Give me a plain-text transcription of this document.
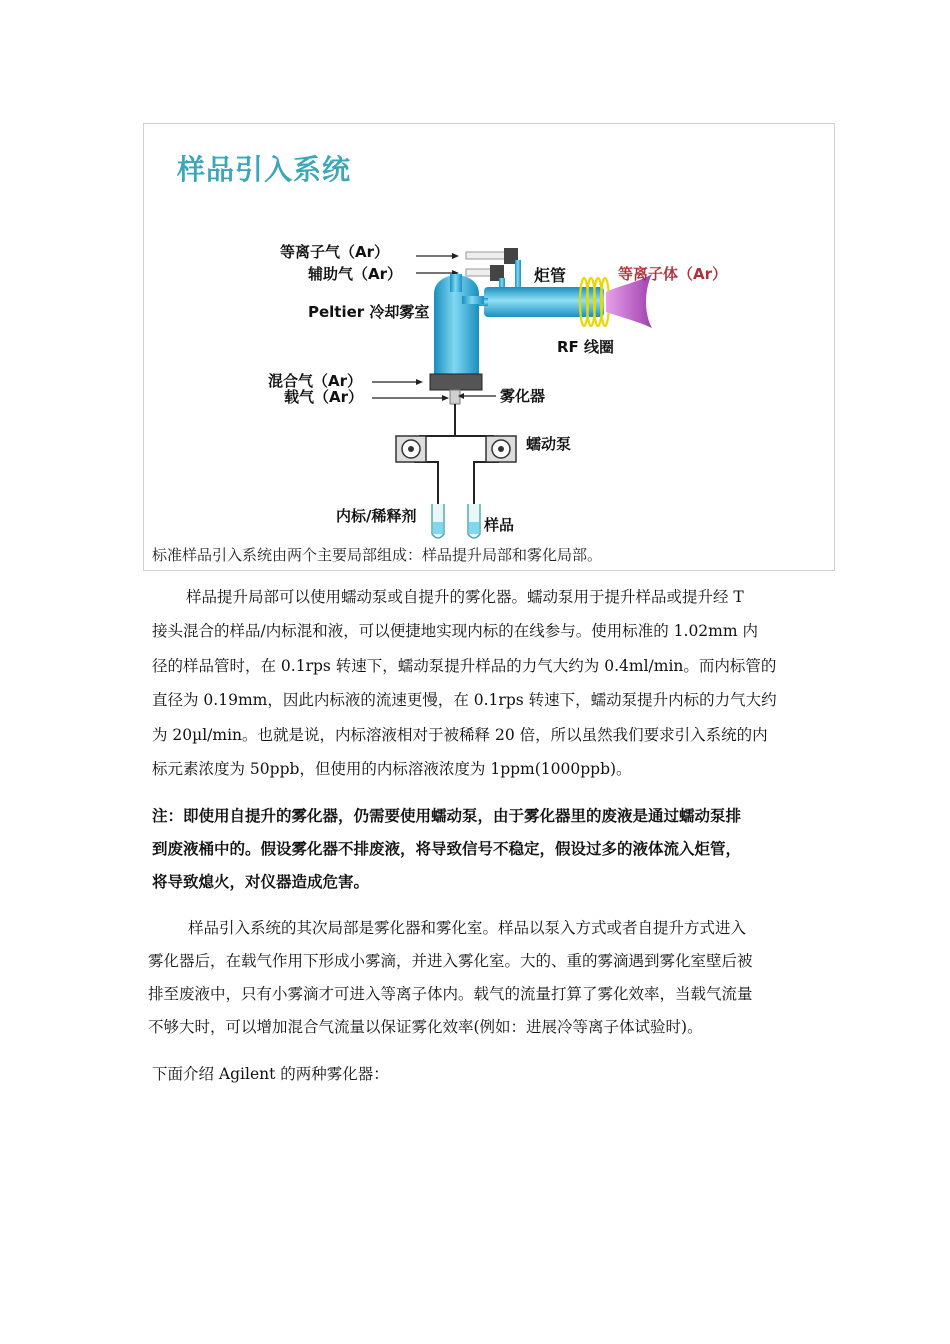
样品引入系统
等离子气（Ar）
辅助气（Ar）	炬管	等离子体（Ar）
Peltier 冷却雾室
RF 线圈
混合气（Ar）
载气（Ar）	雾化器
蠕动泵
内标/稀释剂	样品
标准样品引入系统由两个主要局部组成：样品提升局部和雾化局部。
样品提升局部可以使用蠕动泵或自提升的雾化器。蠕动泵用于提升样品或提升经 T
接头混合的样品/内标混和液，可以便捷地实现内标的在线参与。使用标准的 1.02mm 内
径的样品管时，在 0.1rps 转速下，蠕动泵提升样品的力气大约为 0.4ml/min。而内标管的
直径为 0.19mm，因此内标液的流速更慢，在 0.1rps 转速下，蠕动泵提升内标的力气大约
为 20µl/min。也就是说，内标溶液相对于被稀释 20 倍，所以虽然我们要求引入系统的内
标元素浓度为 50ppb，但使用的内标溶液浓度为 1ppm(1000ppb)。
注：即使用自提升的雾化器，仍需要使用蠕动泵，由于雾化器里的废液是通过蠕动泵排
到废液桶中的。假设雾化器不排废液，将导致信号不稳定，假设过多的液体流入炬管，
将导致熄火，对仪器造成危害。
样品引入系统的其次局部是雾化器和雾化室。样品以泵入方式或者自提升方式进入
雾化器后，在载气作用下形成小雾滴，并进入雾化室。大的、重的雾滴遇到雾化室壁后被
排至废液中，只有小雾滴才可进入等离子体内。载气的流量打算了雾化效率，当载气流量
不够大时，可以增加混合气流量以保证雾化效率(例如：进展冷等离子体试验时)。
下面介绍 Agilent 的两种雾化器：
